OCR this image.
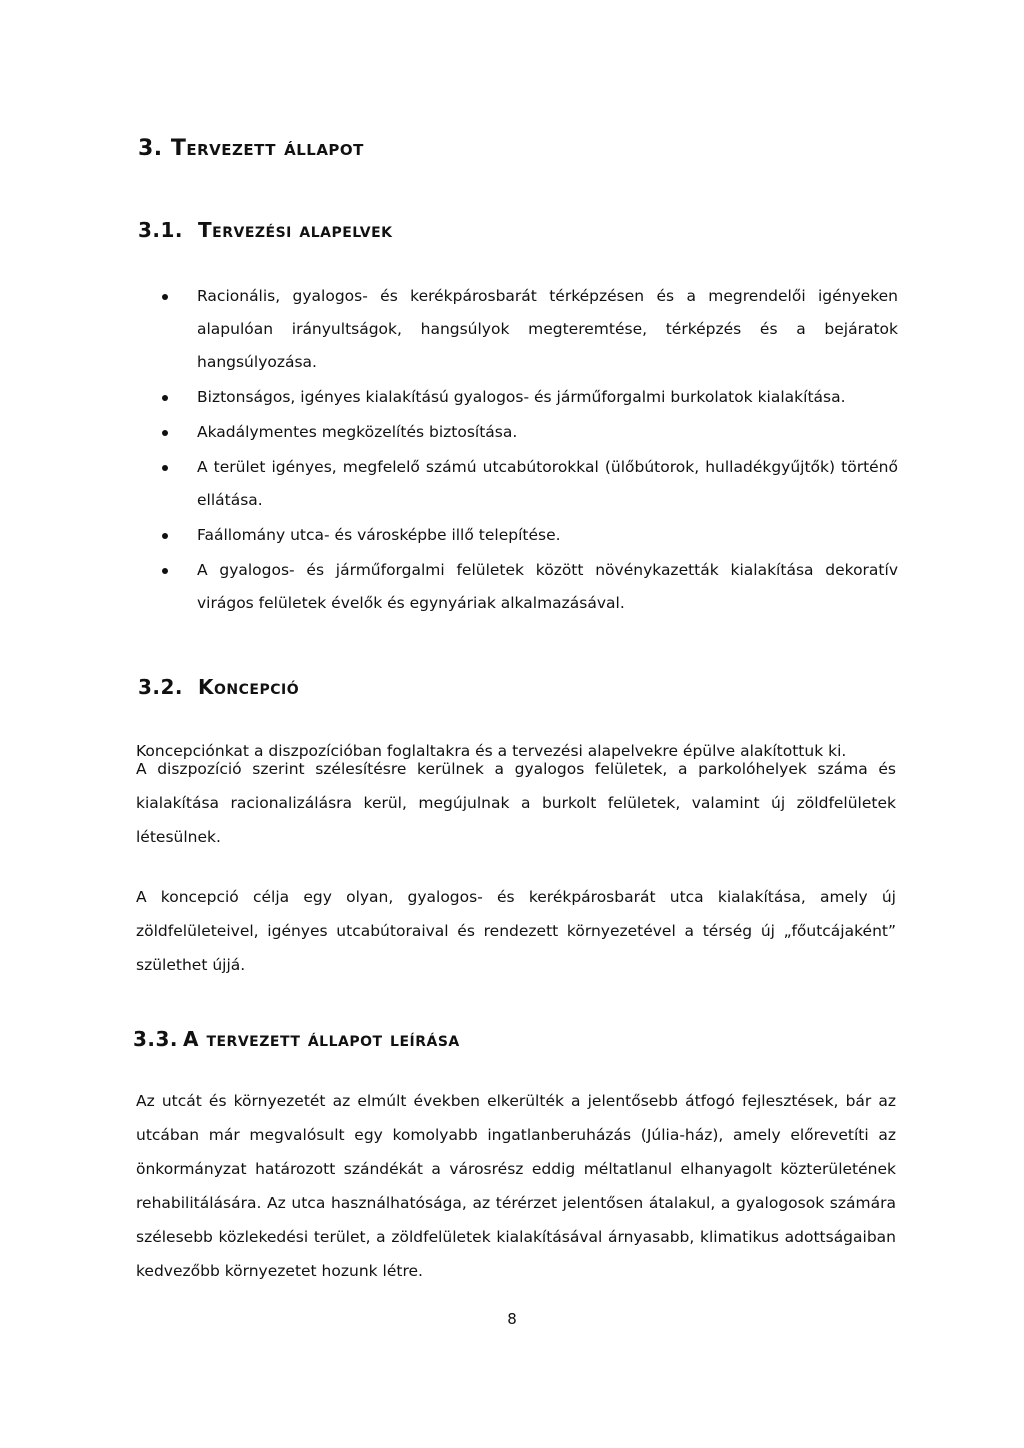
3. Tervezett állapot
3.1. Tervezési alapelvek
Racionális, gyalogos- és kerékpárosbarát térképzésen és a megrendelői igényeken alapulóan irányultságok, hangsúlyok megteremtése, térképzés és a bejáratok hangsúlyozása.
Biztonságos, igényes kialakítású gyalogos- és járműforgalmi burkolatok kialakítása.
Akadálymentes megközelítés biztosítása.
A terület igényes, megfelelő számú utcabútorokkal (ülőbútorok, hulladékgyűjtők) történő ellátása.
Faállomány utca- és városképbe illő telepítése.
A gyalogos- és járműforgalmi felületek között növénykazetták kialakítása dekoratív virágos felületek évelők és egynyáriak alkalmazásával.
3.2. Koncepció

Koncepciónkat a diszpozícióban foglaltakra és a tervezési alapelvekre épülve alakítottuk ki.

A diszpozíció szerint szélesítésre kerülnek a gyalogos felületek, a parkolóhelyek száma és kialakítása racionalizálásra kerül, megújulnak a burkolt felületek, valamint új zöldfelületek létesülnek.

A koncepció célja egy olyan, gyalogos- és kerékpárosbarát utca kialakítása, amely új zöldfelületeivel, igényes utcabútoraival és rendezett környezetével a térség új „főutcájaként” születhet újjá.

3.3. A tervezett állapot leírása

Az utcát és környezetét az elmúlt években elkerülték a jelentősebb átfogó fejlesztések, bár az utcában már megvalósult egy komolyabb ingatlanberuházás (Júlia-ház), amely előrevetíti az önkormányzat határozott szándékát a városrész eddig méltatlanul elhanyagolt közterületének rehabilitálására. Az utca használhatósága, az térérzet jelentősen átalakul, a gyalogosok számára szélesebb közlekedési terület, a zöldfelületek kialakításával árnyasabb, klimatikus adottságaiban kedvezőbb környezetet hozunk létre.

8
